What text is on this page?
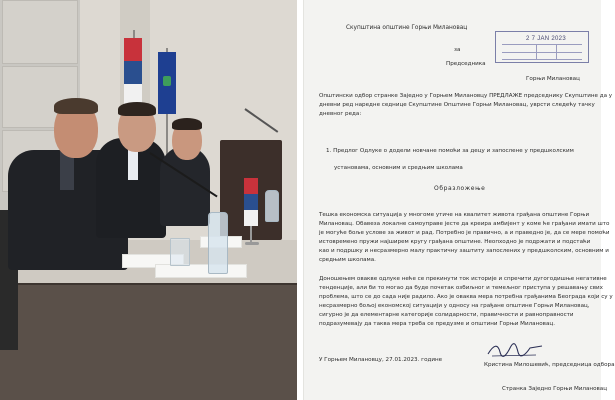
Скупштина општине Горњи Милановац
за
Председника
Горњи Милановац
Општински одбор странке Заједно у Горњем Милановцу ПРЕДЛАЖЕ председнику Скупштине да у
дневни ред наредне седнице Скупштине Општине Горњи Милановац, уврсти следећу тачку
дневног реда:
1. Предлог Одлуке о додели новчане помоћи за децу и запослене у предшколским
установама, основним и средњим школама
Образложење
Тешка економска ситуација у многоме утиче на квалитет живота грађана општине Горњи
Милановац. Обавеза локалне самоуправе јесте да креира амбијент у коме ће грађани имати што
је могуће боље услове за живот и рад. Потребно је правично, а и праведно је, да се мере помоћи
истовремено пружи најширем кругу грађана општине. Неопходно је подржати и подстаћи
као и подршку и несразмерно малу практичну заштиту запослених у предшколским, основним и
средњим школама.
Доношењем овакве одлуке неће се прекинути ток историје и спречити дугогодишње негативне
тенденције, али би то могао да буде почетак озбиљног и темељног приступа у решавању свих
проблема, што се до сада није радило. Ако је оваква мера потребна грађанима Београда који су у
несразмерно бољој економској ситуацији у односу на грађане општине Горњи Милановац,
сигурно је да елементарне категорије солидарности, правичности и равноправности
подразумевају да таква мера треба се предузме и општини Горњи Милановац.
У Горњем Милановцу, 27.01.2023. године
Кристина Милошевић, председница одбора
Странка Заједно Горњи Милановац
2 7 JAN 2023
